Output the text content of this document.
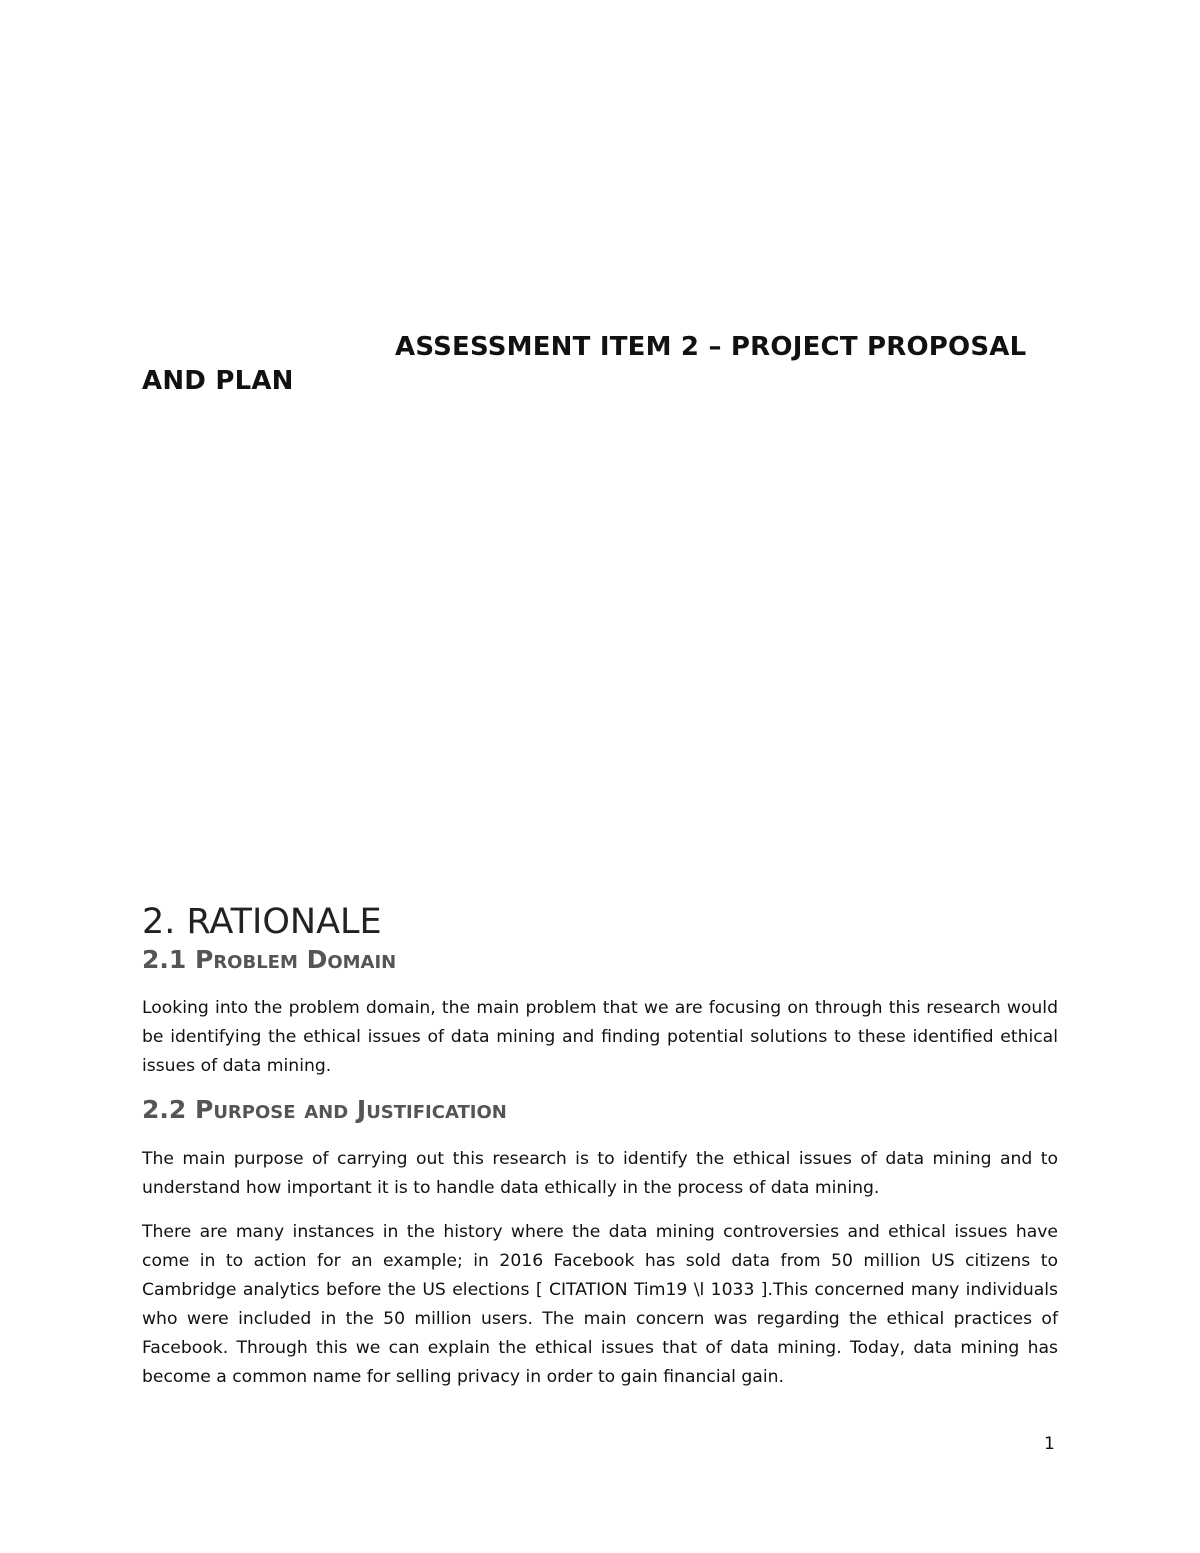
ASSESSMENT ITEM 2 – PROJECT PROPOSAL AND PLAN
2. RATIONALE
2.1 Problem Domain

Looking into the problem domain, the main problem that we are focusing on through this research would be identifying the ethical issues of data mining and finding potential solutions to these identified ethical issues of data mining.

2.2 Purpose and Justification

The main purpose of carrying out this research is to identify the ethical issues of data mining and to understand how important it is to handle data ethically in the process of data mining.

There are many instances in the history where the data mining controversies and ethical issues have come in to action for an example; in 2016 Facebook has sold data from 50 million US citizens to Cambridge analytics before the US elections [ CITATION Tim19 \l 1033 ].This concerned many individuals who were included in the 50 million users. The main concern was regarding the ethical practices of Facebook. Through this we can explain the ethical issues that of data mining. Today, data mining has become a common name for selling privacy in order to gain financial gain.

1
